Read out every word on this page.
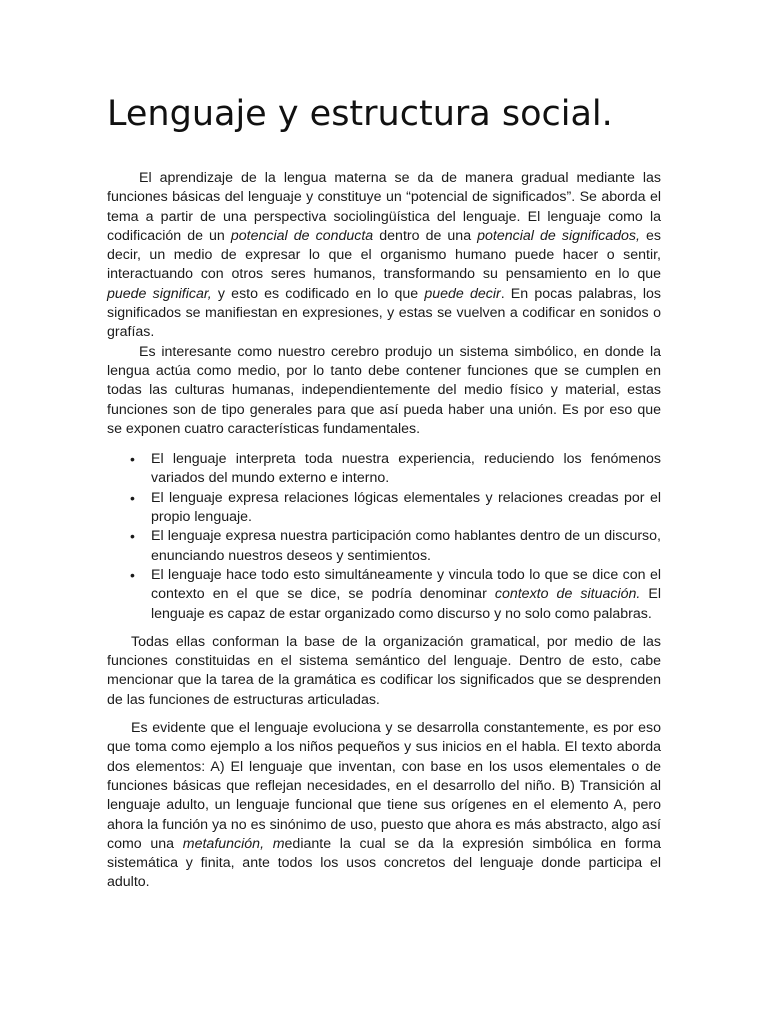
Lenguaje y estructura social.

El aprendizaje de la lengua materna se da de manera gradual mediante las funciones básicas del lenguaje y constituye un “potencial de significados”. Se aborda el tema a partir de una perspectiva sociolingüística del lenguaje. El lenguaje como la codificación de un potencial de conducta dentro de una potencial de significados, es decir, un medio de expresar lo que el organismo humano puede hacer o sentir, interactuando con otros seres humanos, transformando su pensamiento en lo que puede significar, y esto es codificado en lo que puede decir. En pocas palabras, los significados se manifiestan en expresiones, y estas se vuelven a codificar en sonidos o grafías.

Es interesante como nuestro cerebro produjo un sistema simbólico, en donde la lengua actúa como medio, por lo tanto debe contener funciones que se cumplen en todas las culturas humanas, independientemente del medio físico y material, estas funciones son de tipo generales para que así pueda haber una unión. Es por eso que se exponen cuatro características fundamentales.

• El lenguaje interpreta toda nuestra experiencia, reduciendo los fenómenos variados del mundo externo e interno.
• El lenguaje expresa relaciones lógicas elementales y relaciones creadas por el propio lenguaje.
• El lenguaje expresa nuestra participación como hablantes dentro de un discurso, enunciando nuestros deseos y sentimientos.
• El lenguaje hace todo esto simultáneamente y vincula todo lo que se dice con el contexto en el que se dice, se podría denominar contexto de situación. El lenguaje es capaz de estar organizado como discurso y no solo como palabras.

Todas ellas conforman la base de la organización gramatical, por medio de las funciones constituidas en el sistema semántico del lenguaje. Dentro de esto, cabe mencionar que la tarea de la gramática es codificar los significados que se desprenden de las funciones de estructuras articuladas.

Es evidente que el lenguaje evoluciona y se desarrolla constantemente, es por eso que toma como ejemplo a los niños pequeños y sus inicios en el habla. El texto aborda dos elementos: A) El lenguaje que inventan, con base en los usos elementales o de funciones básicas que reflejan necesidades, en el desarrollo del niño. B) Transición al lenguaje adulto, un lenguaje funcional que tiene sus orígenes en el elemento A, pero ahora la función ya no es sinónimo de uso, puesto que ahora es más abstracto, algo así como una metafunción, mediante la cual se da la expresión simbólica en forma sistemática y finita, ante todos los usos concretos del lenguaje donde participa el adulto.
